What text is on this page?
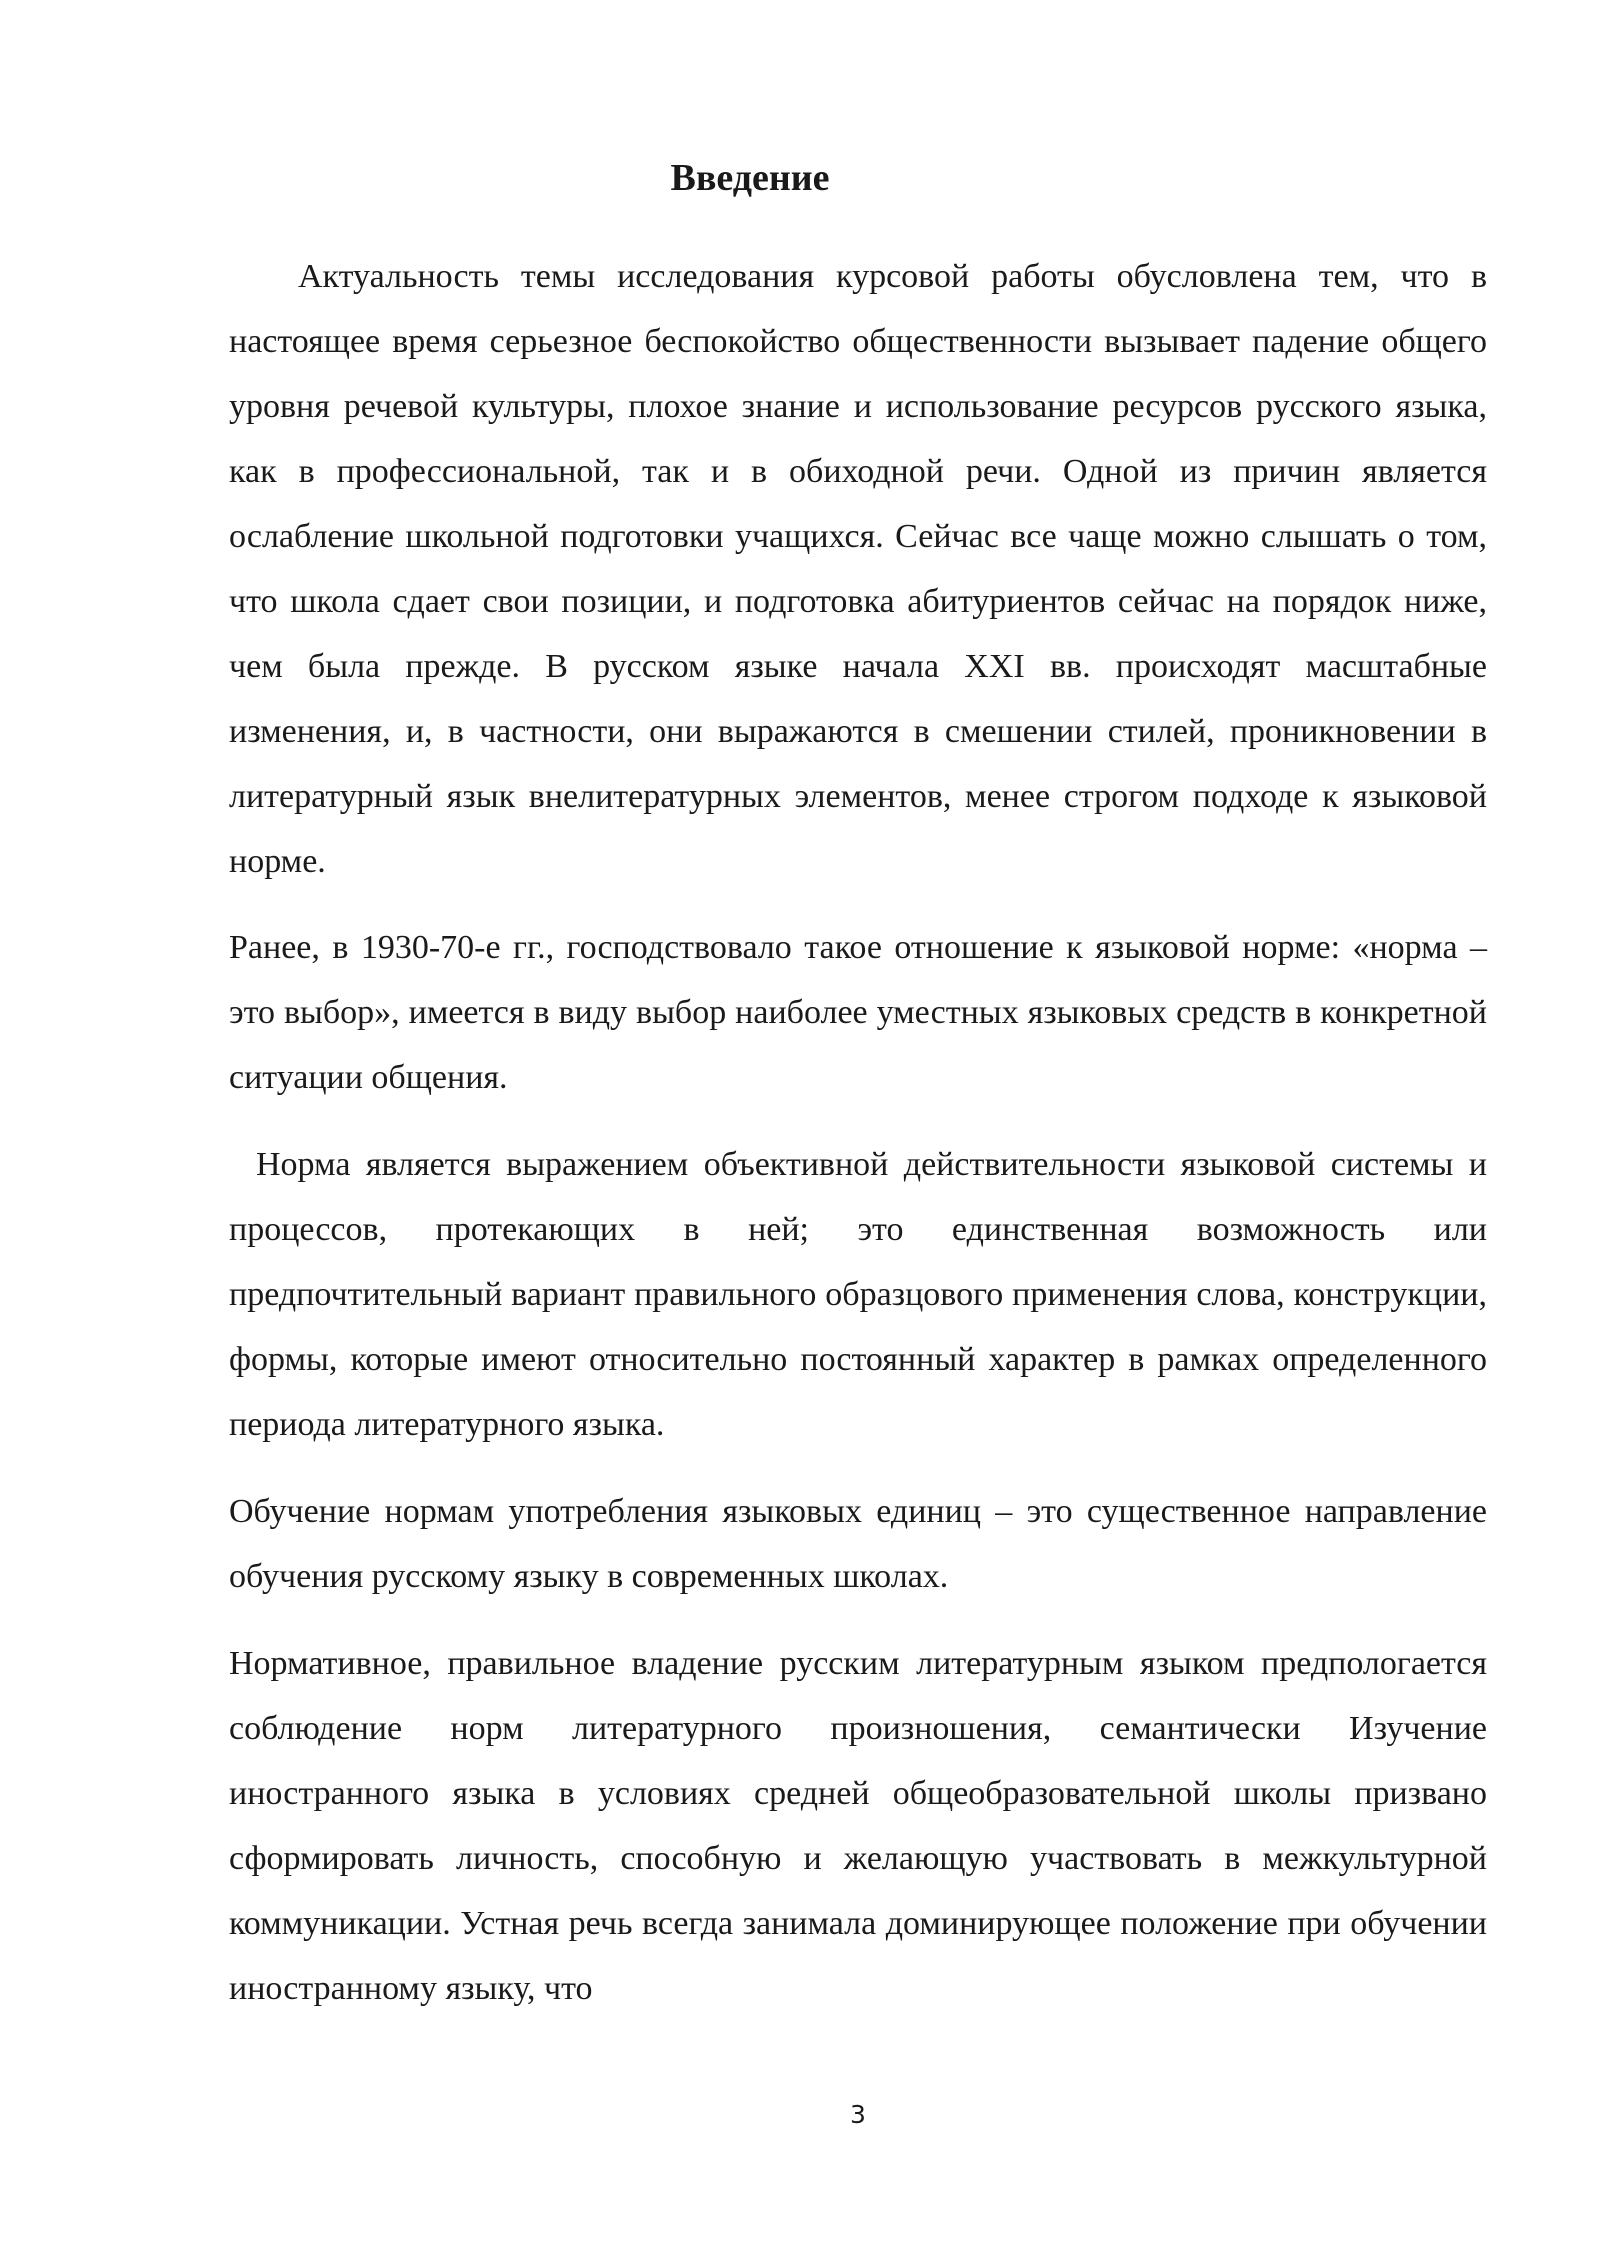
Введение

Актуальность темы исследования курсовой работы обусловлена тем, что в настоящее время серьезное беспокойство общественности вызывает падение общего уровня речевой культуры, плохое знание и использование ресурсов русского языка, как в профессиональной, так и в обиходной речи. Одной из причин является ослабление школьной подготовки учащихся. Сейчас все чаще можно слышать о том, что школа сдает свои позиции, и подготовка абитуриентов сейчас на порядок ниже, чем была прежде. В русском языке начала XXI вв. происходят масштабные изменения, и, в частности, они выражаются в смешении стилей, проникновении в литературный язык внелитературных элементов, менее строгом подходе к языковой норме.

Ранее, в 1930-70-е гг., господствовало такое отношение к языковой норме: «норма – это выбор», имеется в виду выбор наиболее уместных языковых средств в конкретной ситуации общения.

Норма является выражением объективной действительности языковой системы и процессов, протекающих в ней; это единственная возможность или предпочтительный вариант правильного образцового применения слова, конструкции, формы, которые имеют относительно постоянный характер в рамках определенного периода литературного языка.

Обучение нормам употребления языковых единиц – это существенное направление обучения русскому языку в современных школах.

Нормативное, правильное владение русским литературным языком предпологается соблюдение норм литературного произношения, семантически Изучение иностранного языка в условиях средней общеобразовательной школы призвано сформировать личность, способную и желающую участвовать в межкультурной коммуникации. Устная речь всегда занимала доминирующее положение при обучении иностранному языку, что

3
